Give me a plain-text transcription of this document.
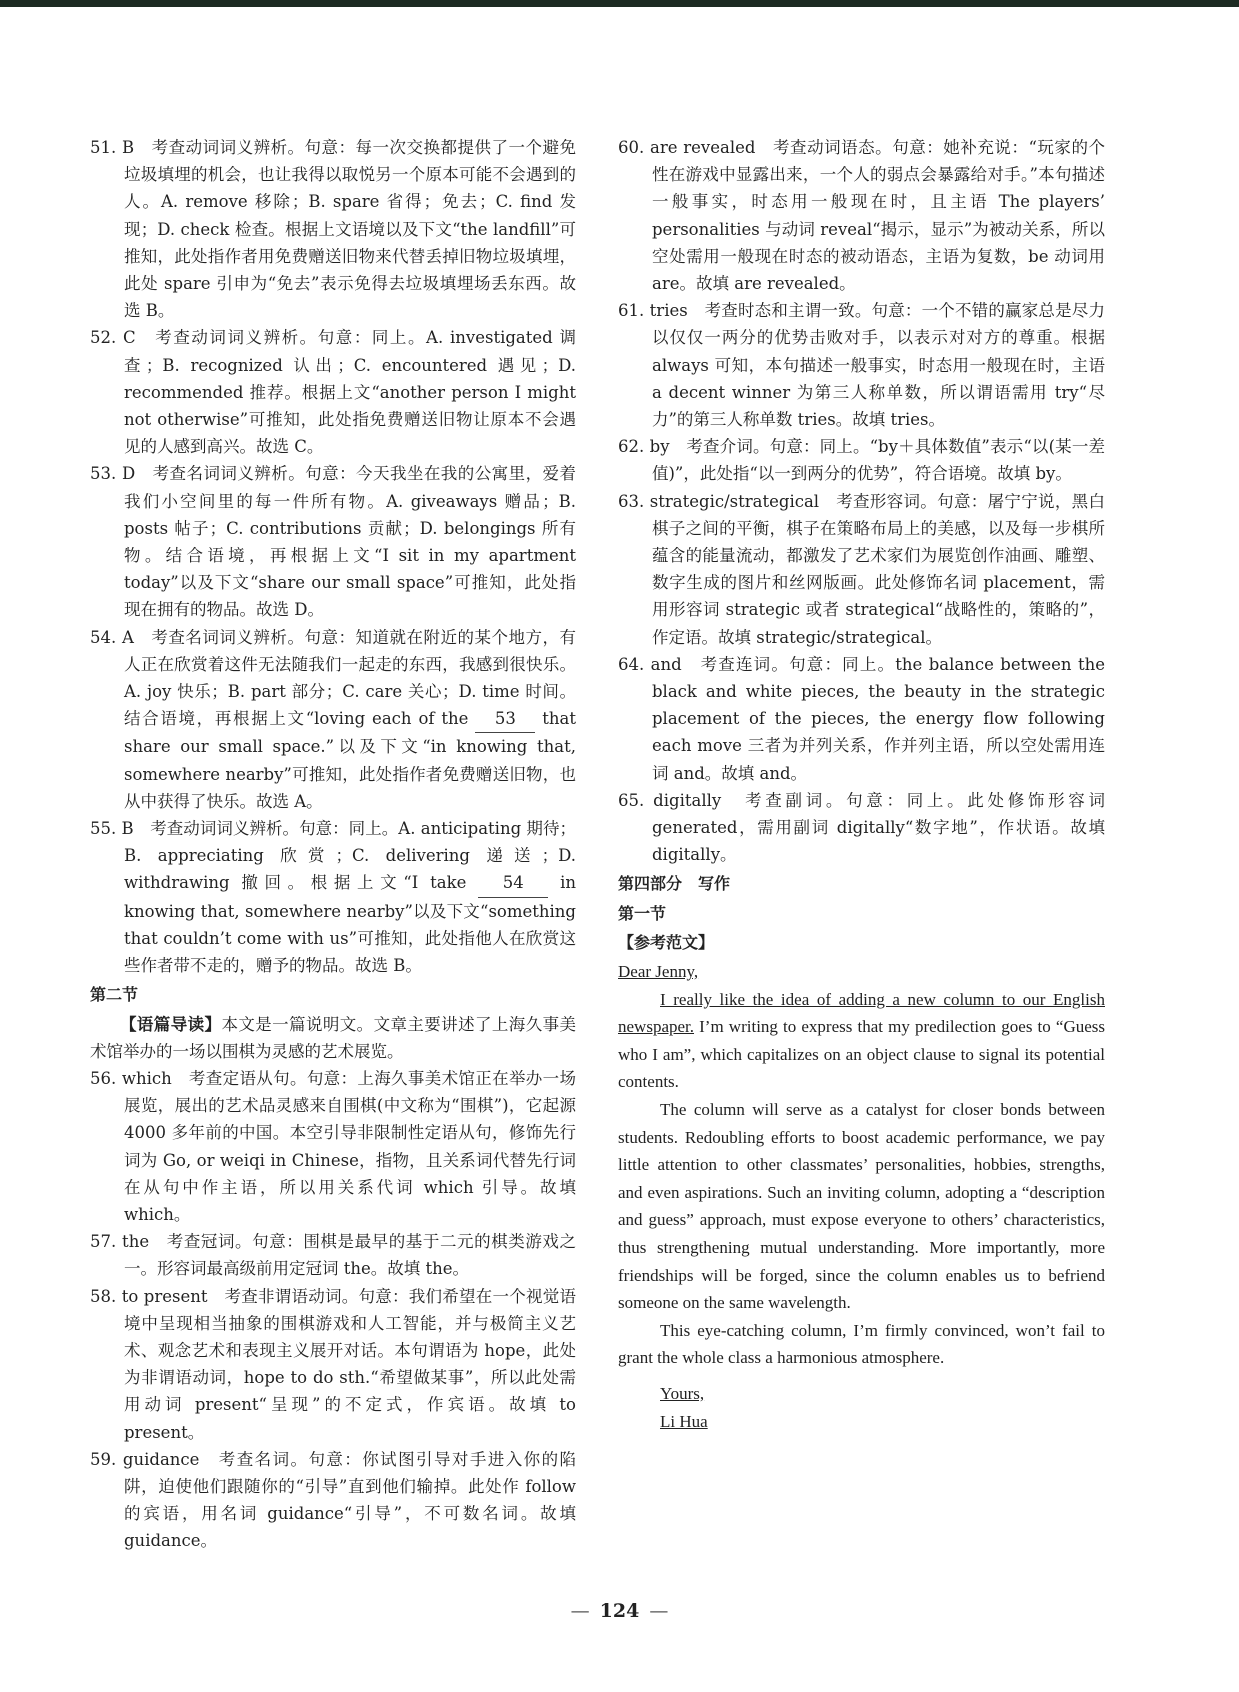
51. B　考查动词词义辨析。句意：每一次交换都提供了一个避免垃圾填埋的机会，也让我得以取悦另一个原本可能不会遇到的人。A. remove 移除；B. spare 省得；免去；C. find 发现；D. check 检查。根据上文语境以及下文“the landfill”可推知，此处指作者用免费赠送旧物来代替丢掉旧物垃圾填埋，此处 spare 引申为“免去”表示免得去垃圾填埋场丢东西。故选 B。

52. C　考查动词词义辨析。句意：同上。A. investigated 调查；B. recognized 认出；C. encountered 遇见；D. recommended 推荐。根据上文“another person I might not otherwise”可推知，此处指免费赠送旧物让原本不会遇见的人感到高兴。故选 C。

53. D　考查名词词义辨析。句意：今天我坐在我的公寓里，爱着我们小空间里的每一件所有物。A. giveaways 赠品；B. posts 帖子；C. contributions 贡献；D. belongings 所有物。结合语境，再根据上文“I sit in my apartment today”以及下文“share our small space”可推知，此处指现在拥有的物品。故选 D。

54. A　考查名词词义辨析。句意：知道就在附近的某个地方，有人正在欣赏着这件无法随我们一起走的东西，我感到很快乐。A. joy 快乐；B. part 部分；C. care 关心；D. time 时间。结合语境，再根据上文“loving each of the 53 that share our small space.”以及下文“in knowing that, somewhere nearby”可推知，此处指作者免费赠送旧物，也从中获得了快乐。故选 A。

55. B　考查动词词义辨析。句意：同上。A. anticipating 期待；B. appreciating 欣赏；C. delivering 递送；D. withdrawing 撤回。根据上文“I take 54 in knowing that, somewhere nearby”以及下文“something that couldn’t come with us”可推知，此处指他人在欣赏这些作者带不走的，赠予的物品。故选 B。

第二节

【语篇导读】本文是一篇说明文。文章主要讲述了上海久事美术馆举办的一场以围棋为灵感的艺术展览。

56. which　考查定语从句。句意：上海久事美术馆正在举办一场展览，展出的艺术品灵感来自围棋(中文称为“围棋”)，它起源 4000 多年前的中国。本空引导非限制性定语从句，修饰先行词为 Go, or weiqi in Chinese，指物，且关系词代替先行词在从句中作主语，所以用关系代词 which 引导。故填 which。

57. the　考查冠词。句意：围棋是最早的基于二元的棋类游戏之一。形容词最高级前用定冠词 the。故填 the。

58. to present　考查非谓语动词。句意：我们希望在一个视觉语境中呈现相当抽象的围棋游戏和人工智能，并与极简主义艺术、观念艺术和表现主义展开对话。本句谓语为 hope，此处为非谓语动词，hope to do sth.“希望做某事”，所以此处需用动词 present“呈现”的不定式，作宾语。故填 to present。

59. guidance　考查名词。句意：你试图引导对手进入你的陷阱，迫使他们跟随你的“引导”直到他们输掉。此处作 follow 的宾语，用名词 guidance“引导”，不可数名词。故填 guidance。

60. are revealed　考查动词语态。句意：她补充说：“玩家的个性在游戏中显露出来，一个人的弱点会暴露给对手。”本句描述一般事实，时态用一般现在时，且主语 The players’ personalities 与动词 reveal“揭示，显示”为被动关系，所以空处需用一般现在时态的被动语态，主语为复数，be 动词用 are。故填 are revealed。

61. tries　考查时态和主谓一致。句意：一个不错的赢家总是尽力以仅仅一两分的优势击败对手，以表示对对方的尊重。根据 always 可知，本句描述一般事实，时态用一般现在时，主语 a decent winner 为第三人称单数，所以谓语需用 try“尽力”的第三人称单数 tries。故填 tries。

62. by　考查介词。句意：同上。“by＋具体数值”表示“以(某一差值)”，此处指“以一到两分的优势”，符合语境。故填 by。

63. strategic/strategical　考查形容词。句意：屠宁宁说，黑白棋子之间的平衡，棋子在策略布局上的美感，以及每一步棋所蕴含的能量流动，都激发了艺术家们为展览创作油画、雕塑、数字生成的图片和丝网版画。此处修饰名词 placement，需用形容词 strategic 或者 strategical“战略性的，策略的”，作定语。故填 strategic/strategical。

64. and　考查连词。句意：同上。the balance between the black and white pieces, the beauty in the strategic placement of the pieces, the energy flow following each move 三者为并列关系，作并列主语，所以空处需用连词 and。故填 and。

65. digitally　考查副词。句意：同上。此处修饰形容词 generated，需用副词 digitally“数字地”，作状语。故填 digitally。

第四部分　写作
第一节
【参考范文】

Dear Jenny,

I really like the idea of adding a new column to our English newspaper. I’m writing to express that my predilection goes to “Guess who I am”, which capitalizes on an object clause to signal its potential contents.

The column will serve as a catalyst for closer bonds between students. Redoubling efforts to boost academic performance, we pay little attention to other classmates’ personalities, hobbies, strengths, and even aspirations. Such an inviting column, adopting a “description and guess” approach, must expose everyone to others’ characteristics, thus strengthening mutual understanding. More importantly, more friendships will be forged, since the column enables us to befriend someone on the same wavelength.

This eye-catching column, I’m firmly convinced, won’t fail to grant the whole class a harmonious atmosphere.

Yours,

Li Hua

— 124 —
